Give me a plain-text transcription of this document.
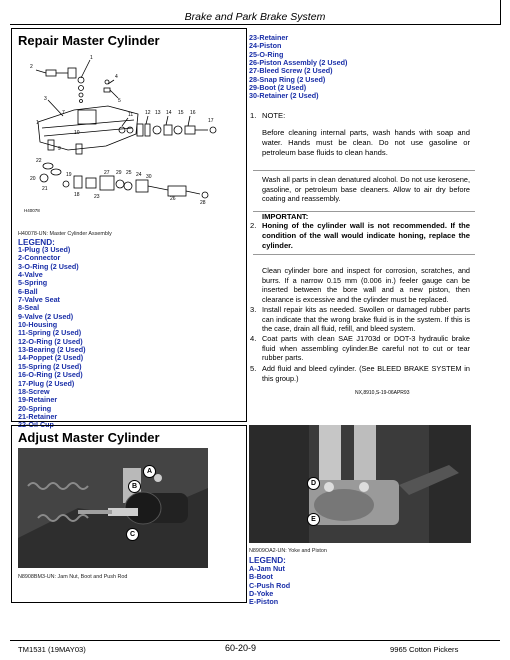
Brake and Park Brake System
Repair Master Cylinder
2
1
4
5
3
7
1
10
11 12 13 14 15 16
17
9
22
20
21
19
18
27 29 25 24 30
26
28
23
H40078
H40078-UN: Master Cylinder Assembly
LEGEND:
1-Plug (3 Used)
2-Connector
3-O-Ring (2 Used)
4-Valve
5-Spring
6-Ball
7-Valve Seat
8-Seal
9-Valve (2 Used)
10-Housing
11-Spring (2 Used)
12-O-Ring (2 Used)
13-Bearing (2 Used)
14-Poppet (2 Used)
15-Spring (2 Used)
16-O-Ring (2 Used)
17-Plug (2 Used)
18-Screw
19-Retainer
20-Spring
21-Retainer
22-Oil Cup
23-Retainer
24-Piston
25-O-Ring
26-Piston Assembly (2 Used)
27-Bleed Screw (2 Used)
28-Snap Ring (2 Used)
29-Boot (2 Used)
30-Retainer (2 Used)
1. NOTE:
Before cleaning internal parts, wash hands with soap and water. Hands must be clean. Do not use gasoline or petroleum base fluids to clean hands.
Wash all parts in clean denatured alcohol. Do not use kerosene, gasoline, or petroleum base cleaners. Allow to air dry before coating and reassembly.
IMPORTANT:
2. Honing of the cylinder wall is not recommended. If the condition of the wall would indicate honing, replace the cylinder.
Clean cylinder bore and inspect for corrosion, scratches, and burrs. If a narrow 0.15 mm (0.006 in.) feeler gauge can be inserted between the bore wall and a new piston, then clearance is excessive and the cylinder must be replaced.
3. Install repair kits as needed. Swollen or damaged rubber parts can indicate that the wrong brake fluid is in the system. If this is the case, drain all fluid, refill, and bleed system.
4. Coat parts with clean SAE J1703d or DOT-3 hydraulic brake fluid when assembling cylinder.Be careful not to cut or tear rubber parts.
5. Add fluid and bleed cylinder. (See BLEED BRAKE SYSTEM in this group.)
NX,8910,S-19-06APR93
Adjust Master Cylinder
A
B
C
N8908BM3-UN: Jam Nut, Boot and Push Rod
D
E
N8909OA2-UN: Yoke and Piston
LEGEND:
A-Jam Nut
B-Boot
C-Push Rod
D-Yoke
E-Piston
TM1531 (19MAY03)	60-20-9	9965 Cotton Pickers
